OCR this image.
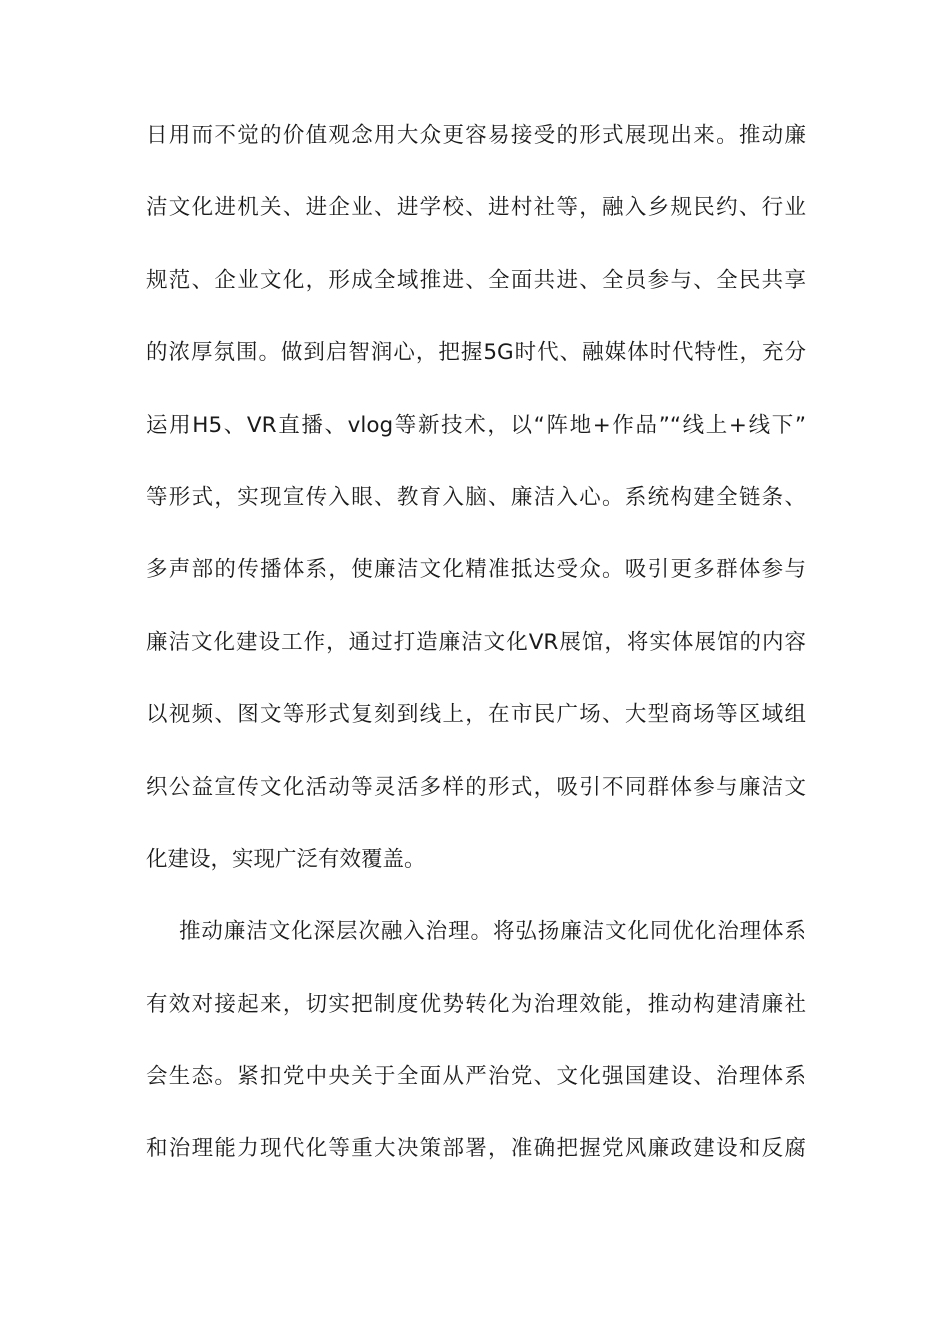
日用而不觉的价值观念用大众更容易接受的形式展现出来。推动廉
洁文化进机关、进企业、进学校、进村社等，融入乡规民约、行业
规范、企业文化，形成全域推进、全面共进、全员参与、全民共享
的浓厚氛围。做到启智润心，把握5G时代、融媒体时代特性，充分
运用H5、VR直播、vlog等新技术，以“阵地+作品”“线上+线下”
等形式，实现宣传入眼、教育入脑、廉洁入心。系统构建全链条、
多声部的传播体系，使廉洁文化精准抵达受众。吸引更多群体参与
廉洁文化建设工作，通过打造廉洁文化VR展馆，将实体展馆的内容
以视频、图文等形式复刻到线上，在市民广场、大型商场等区域组
织公益宣传文化活动等灵活多样的形式，吸引不同群体参与廉洁文
化建设，实现广泛有效覆盖。
推动廉洁文化深层次融入治理。将弘扬廉洁文化同优化治理体系
有效对接起来，切实把制度优势转化为治理效能，推动构建清廉社
会生态。紧扣党中央关于全面从严治党、文化强国建设、治理体系
和治理能力现代化等重大决策部署，准确把握党风廉政建设和反腐
